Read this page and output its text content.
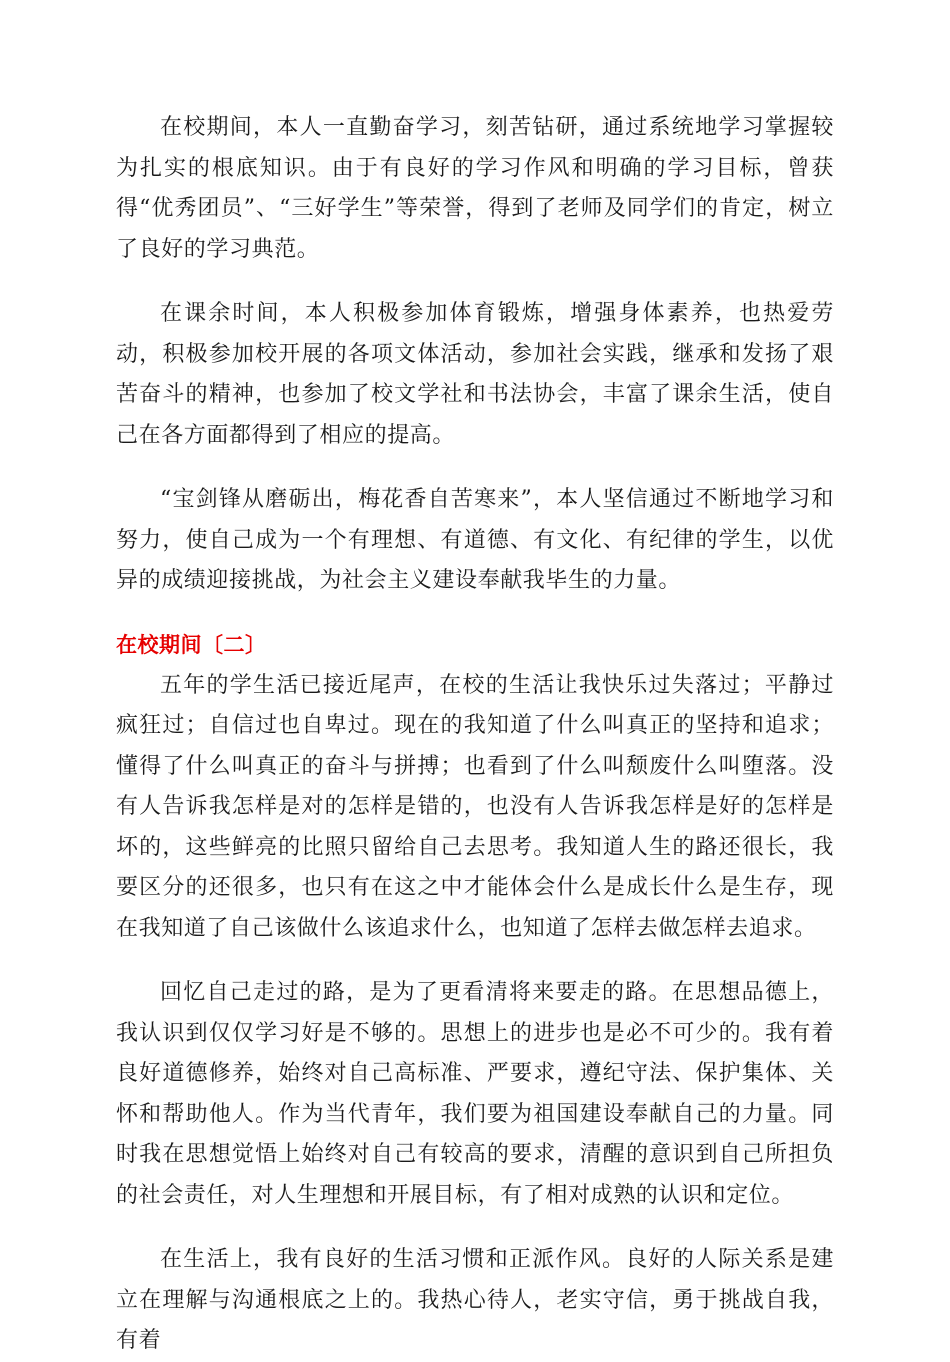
在校期间，本人一直勤奋学习，刻苦钻研，通过系统地学习掌握较为扎实的根底知识。由于有良好的学习作风和明确的学习目标，曾获得“优秀团员”、“三好学生”等荣誉，得到了老师及同学们的肯定，树立了良好的学习典范。

在课余时间，本人积极参加体育锻炼，增强身体素养，也热爱劳动，积极参加校开展的各项文体活动，参加社会实践，继承和发扬了艰苦奋斗的精神，也参加了校文学社和书法协会，丰富了课余生活，使自己在各方面都得到了相应的提高。

“宝剑锋从磨砺出，梅花香自苦寒来”，本人坚信通过不断地学习和努力，使自己成为一个有理想、有道德、有文化、有纪律的学生，以优异的成绩迎接挑战，为社会主义建设奉献我毕生的力量。

在校期间〔二〕

五年的学生活已接近尾声，在校的生活让我快乐过失落过；平静过疯狂过；自信过也自卑过。现在的我知道了什么叫真正的坚持和追求；懂得了什么叫真正的奋斗与拼搏；也看到了什么叫颓废什么叫堕落。没有人告诉我怎样是对的怎样是错的，也没有人告诉我怎样是好的怎样是坏的，这些鲜亮的比照只留给自己去思考。我知道人生的路还很长，我要区分的还很多，也只有在这之中才能体会什么是成长什么是生存，现在我知道了自己该做什么该追求什么，也知道了怎样去做怎样去追求。

回忆自己走过的路，是为了更看清将来要走的路。在思想品德上，我认识到仅仅学习好是不够的。思想上的进步也是必不可少的。我有着良好道德修养，始终对自己高标准、严要求，遵纪守法、保护集体、关怀和帮助他人。作为当代青年，我们要为祖国建设奉献自己的力量。同时我在思想觉悟上始终对自己有较高的要求，清醒的意识到自己所担负的社会责任，对人生理想和开展目标，有了相对成熟的认识和定位。

在生活上，我有良好的生活习惯和正派作风。良好的人际关系是建立在理解与沟通根底之上的。我热心待人，老实守信，勇于挑战自我，有着
